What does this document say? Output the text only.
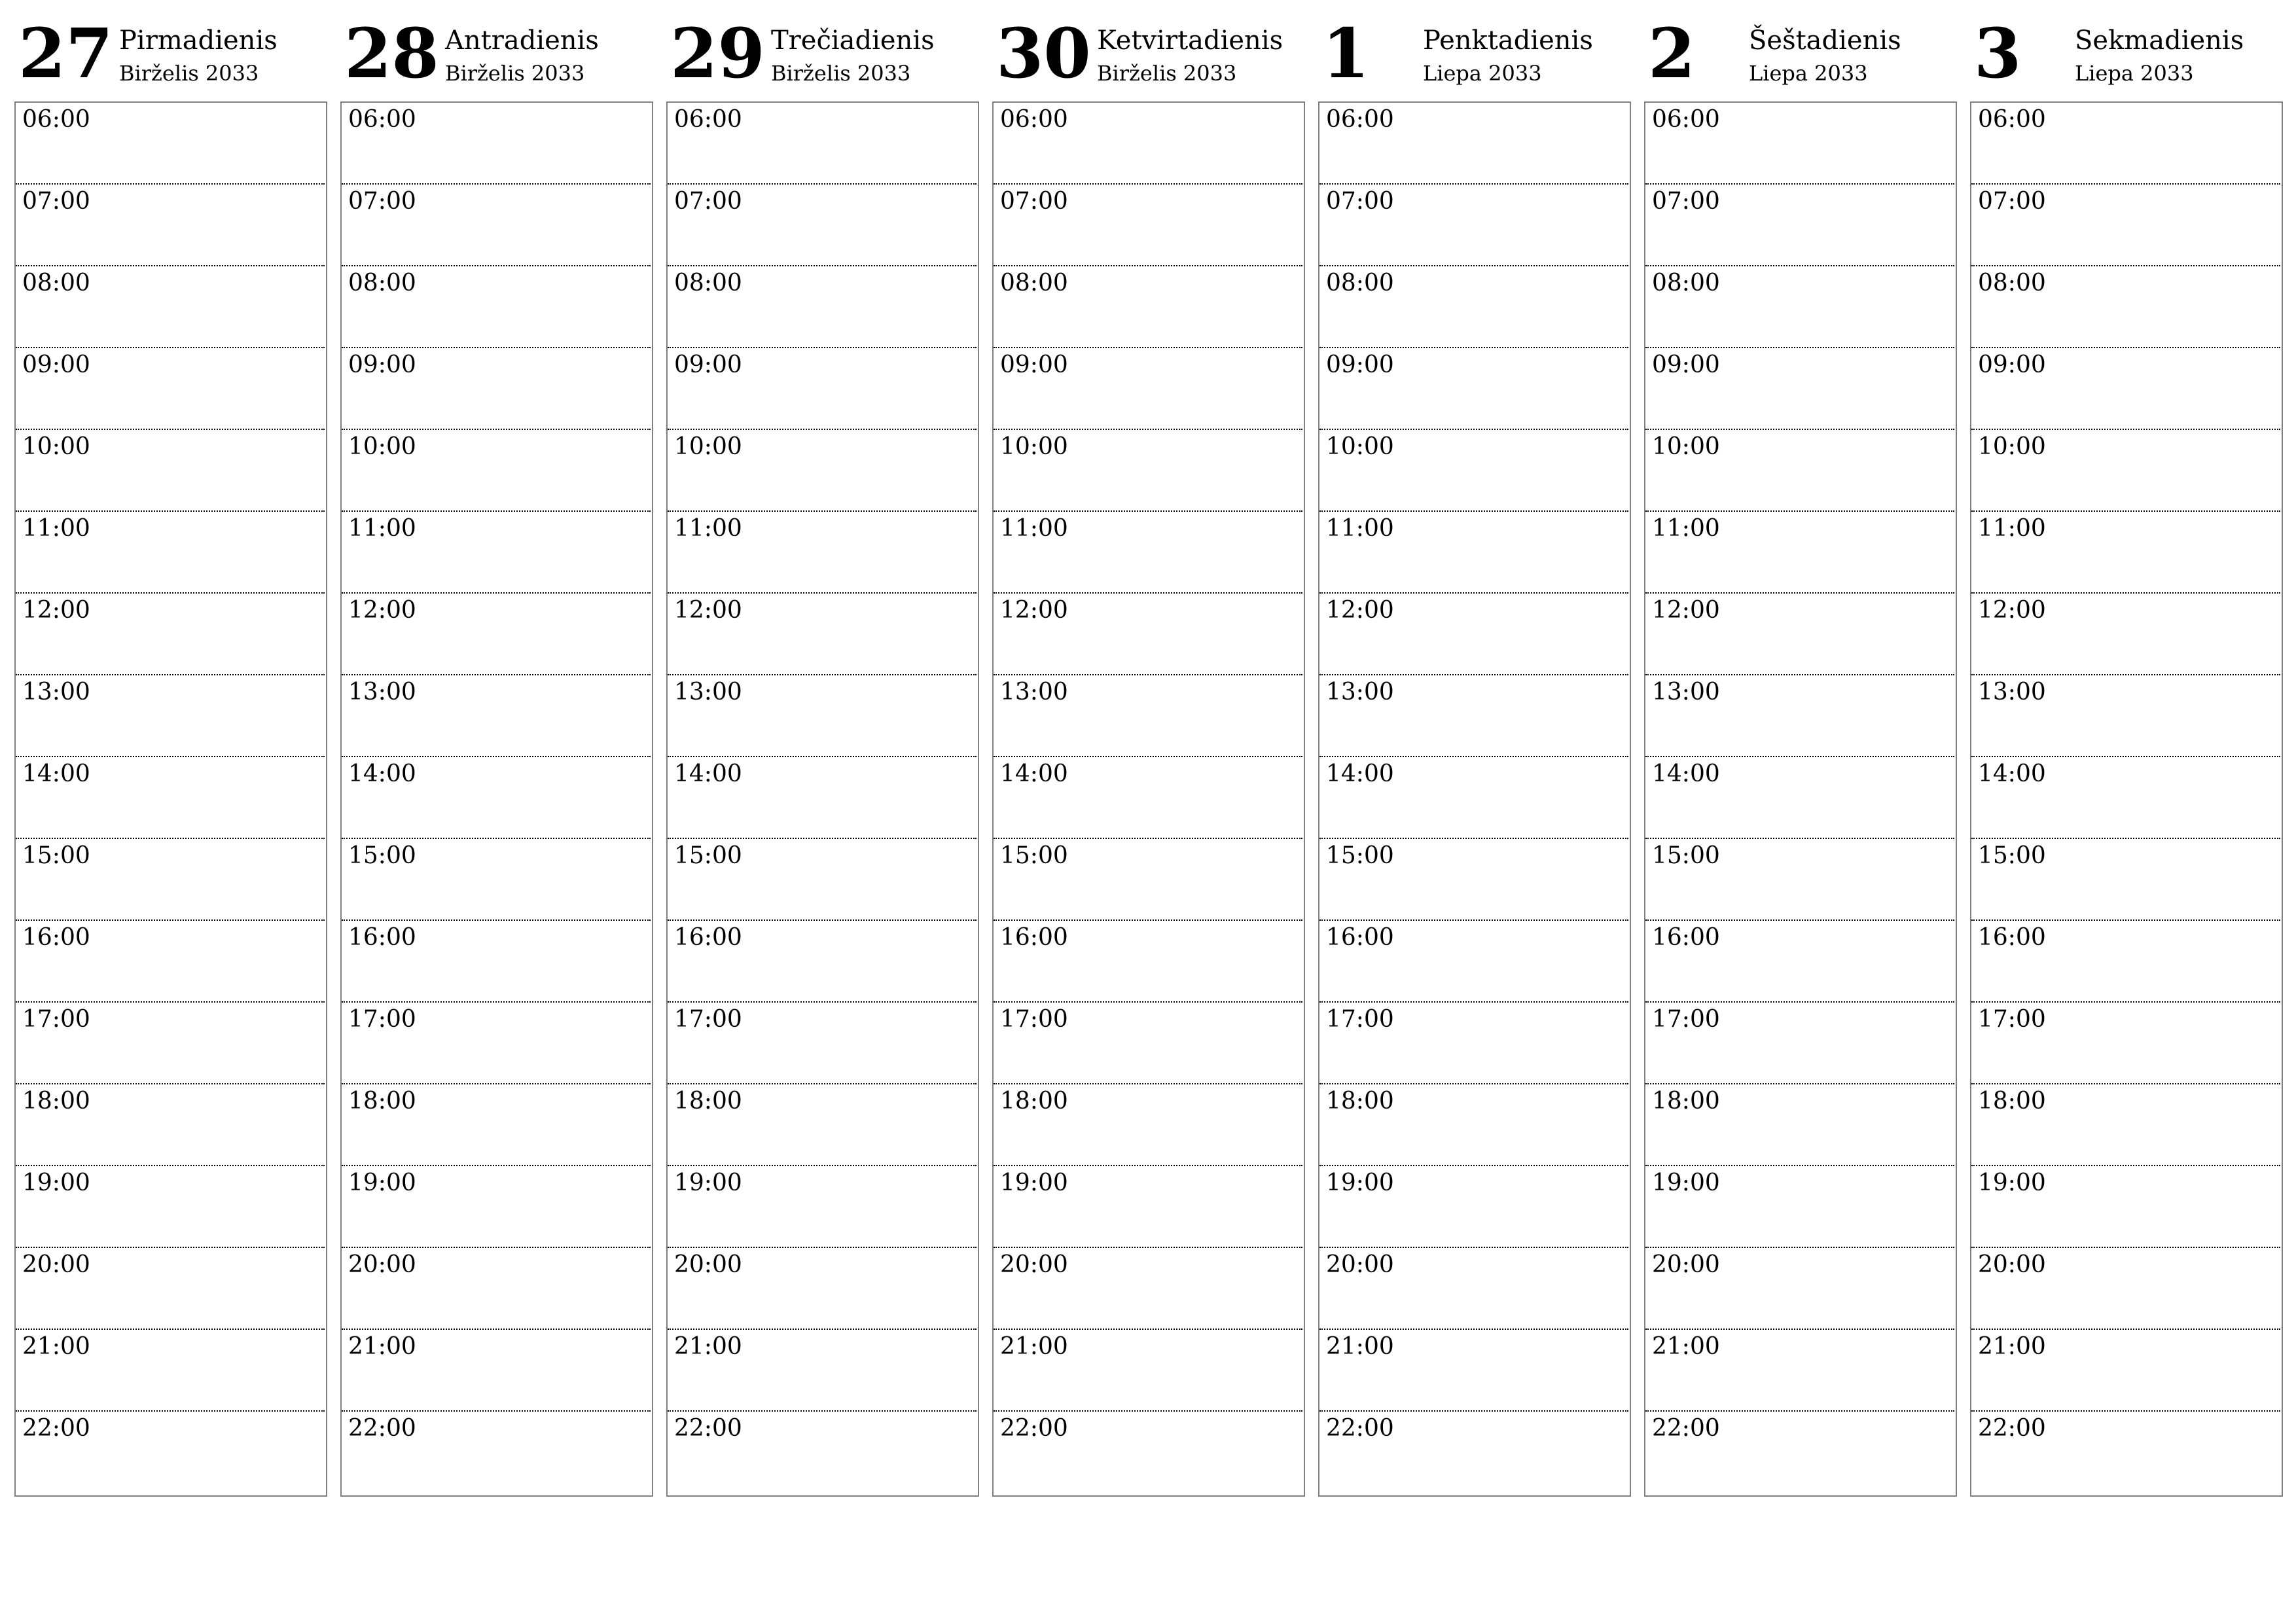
27 Pirmadienis
Birželis 2033
06:00
07:00
08:00
09:00
10:00
11:00
12:00
13:00
14:00
15:00
16:00
17:00
18:00
19:00
20:00
21:00
22:00
28 Antradienis
Birželis 2033
06:00
07:00
08:00
09:00
10:00
11:00
12:00
13:00
14:00
15:00
16:00
17:00
18:00
19:00
20:00
21:00
22:00
29 Trečiadienis
Birželis 2033
06:00
07:00
08:00
09:00
10:00
11:00
12:00
13:00
14:00
15:00
16:00
17:00
18:00
19:00
20:00
21:00
22:00
30 Ketvirtadienis
Birželis 2033
06:00
07:00
08:00
09:00
10:00
11:00
12:00
13:00
14:00
15:00
16:00
17:00
18:00
19:00
20:00
21:00
22:00
1 Penktadienis
Liepa 2033
06:00
07:00
08:00
09:00
10:00
11:00
12:00
13:00
14:00
15:00
16:00
17:00
18:00
19:00
20:00
21:00
22:00
2 Šeštadienis
Liepa 2033
06:00
07:00
08:00
09:00
10:00
11:00
12:00
13:00
14:00
15:00
16:00
17:00
18:00
19:00
20:00
21:00
22:00
3 Sekmadienis
Liepa 2033
06:00
07:00
08:00
09:00
10:00
11:00
12:00
13:00
14:00
15:00
16:00
17:00
18:00
19:00
20:00
21:00
22:00
